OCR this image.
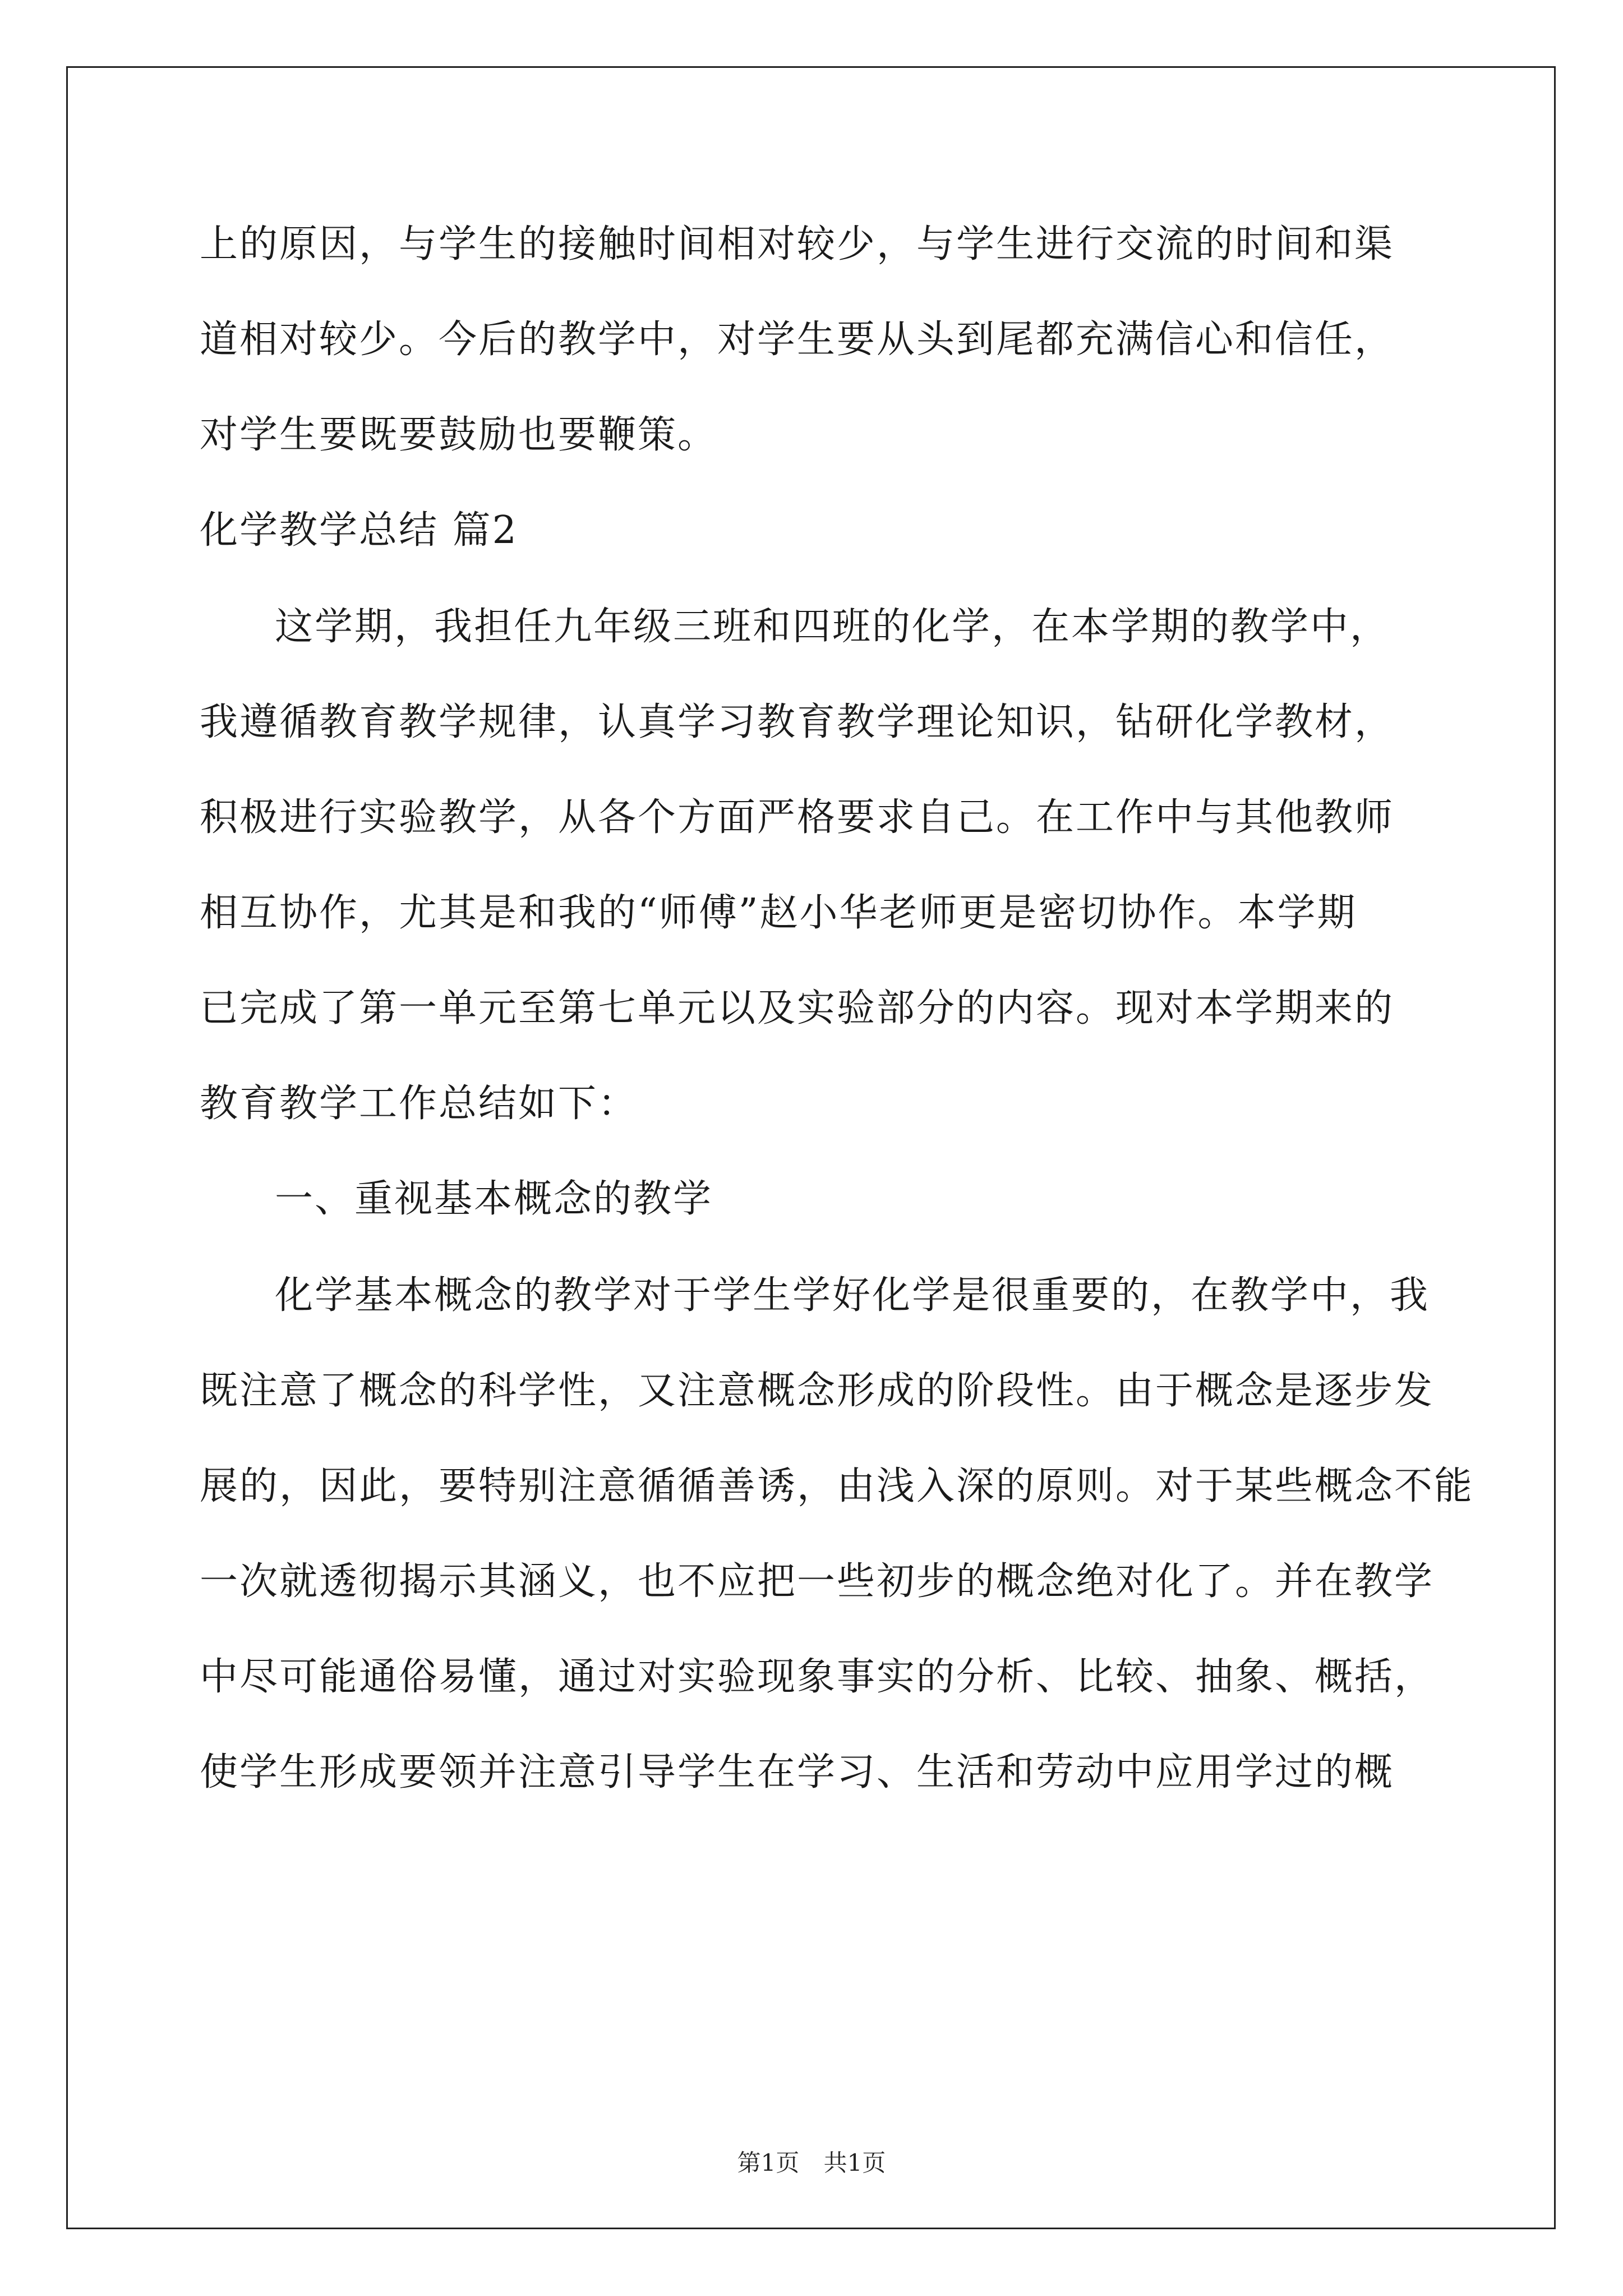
上的原因，与学生的接触时间相对较少，与学生进行交流的时间和渠
道相对较少。今后的教学中，对学生要从头到尾都充满信心和信任，
对学生要既要鼓励也要鞭策。
化学教学总结 篇2
这学期，我担任九年级三班和四班的化学，在本学期的教学中，
我遵循教育教学规律，认真学习教育教学理论知识，钻研化学教材，
积极进行实验教学，从各个方面严格要求自己。在工作中与其他教师
相互协作，尤其是和我的“师傅”赵小华老师更是密切协作。本学期
已完成了第一单元至第七单元以及实验部分的内容。现对本学期来的
教育教学工作总结如下：
一、重视基本概念的教学
化学基本概念的教学对于学生学好化学是很重要的，在教学中，我
既注意了概念的科学性，又注意概念形成的阶段性。由于概念是逐步发
展的，因此，要特别注意循循善诱，由浅入深的原则。对于某些概念不能
一次就透彻揭示其涵义，也不应把一些初步的概念绝对化了。并在教学
中尽可能通俗易懂，通过对实验现象事实的分析、比较、抽象、概括，
使学生形成要领并注意引导学生在学习、生活和劳动中应用学过的概
第1页 共1页
